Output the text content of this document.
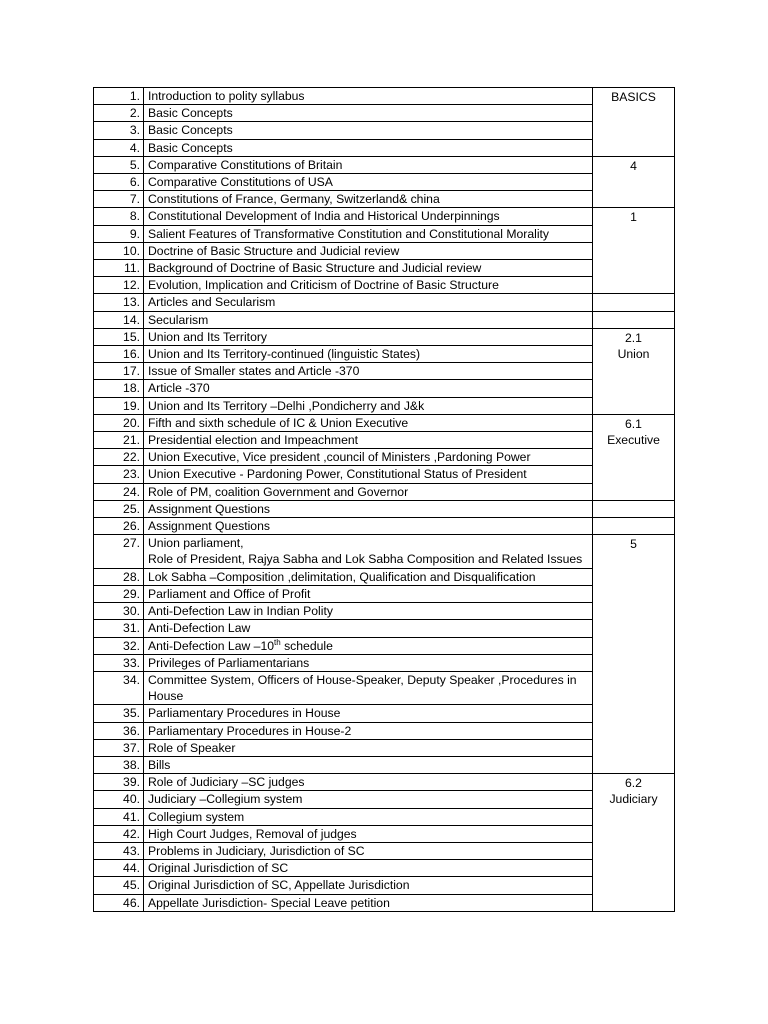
1.	Introduction to polity syllabus	BASICS

2.	Basic Concepts	
3.	Basic Concepts	
4.	Basic Concepts	
5.	Comparative Constitutions of Britain	4

6.	Comparative Constitutions of USA	
7.	Constitutions of France, Germany, Switzerland& china	
8.	Constitutional Development of India and Historical Underpinnings	1

9.	Salient Features of Transformative Constitution and Constitutional Morality	
10.	Doctrine of Basic Structure and Judicial review	
11.	Background of Doctrine of Basic Structure and Judicial review	
12.	Evolution, Implication and Criticism of Doctrine of Basic Structure	
13.	Articles and Secularism	

14.	Secularism	

15.	Union and Its Territory	2.1
Union

16.	Union and Its Territory-continued (linguistic States)	
17.	Issue of Smaller states and Article -370	
18.	Article -370	
19.	Union and Its Territory –Delhi ,Pondicherry and J&k	
20.	Fifth and sixth schedule of IC & Union Executive	6.1
Executive

21.	Presidential election and Impeachment	
22.	Union Executive, Vice president ,council of Ministers ,Pardoning Power	
23.	Union Executive - Pardoning Power, Constitutional Status of President	
24.	Role of PM, coalition Government and Governor	
25.	Assignment Questions	

26.	Assignment Questions	

27.	Union parliament,
Role of President, Rajya Sabha and Lok Sabha Composition and Related Issues	5

28.	Lok Sabha –Composition ,delimitation, Qualification and Disqualification	
29.	Parliament and Office of Profit	
30.	Anti-Defection Law in Indian Polity	
31.	Anti-Defection Law	
32.	Anti-Defection Law –10th schedule	
33.	Privileges of Parliamentarians	
34.	Committee System, Officers of House-Speaker, Deputy Speaker ,Procedures in House	
35.	Parliamentary Procedures in House	
36.	Parliamentary Procedures in House-2	
37.	Role of Speaker	
38.	Bills	
39.	Role of Judiciary –SC judges	6.2
Judiciary

40.	Judiciary –Collegium system	
41.	Collegium system	
42.	High Court Judges, Removal of judges	
43.	Problems in Judiciary, Jurisdiction of SC	
44.	Original Jurisdiction of SC	
45.	Original Jurisdiction of SC, Appellate Jurisdiction	
46.	Appellate Jurisdiction- Special Leave petition	
